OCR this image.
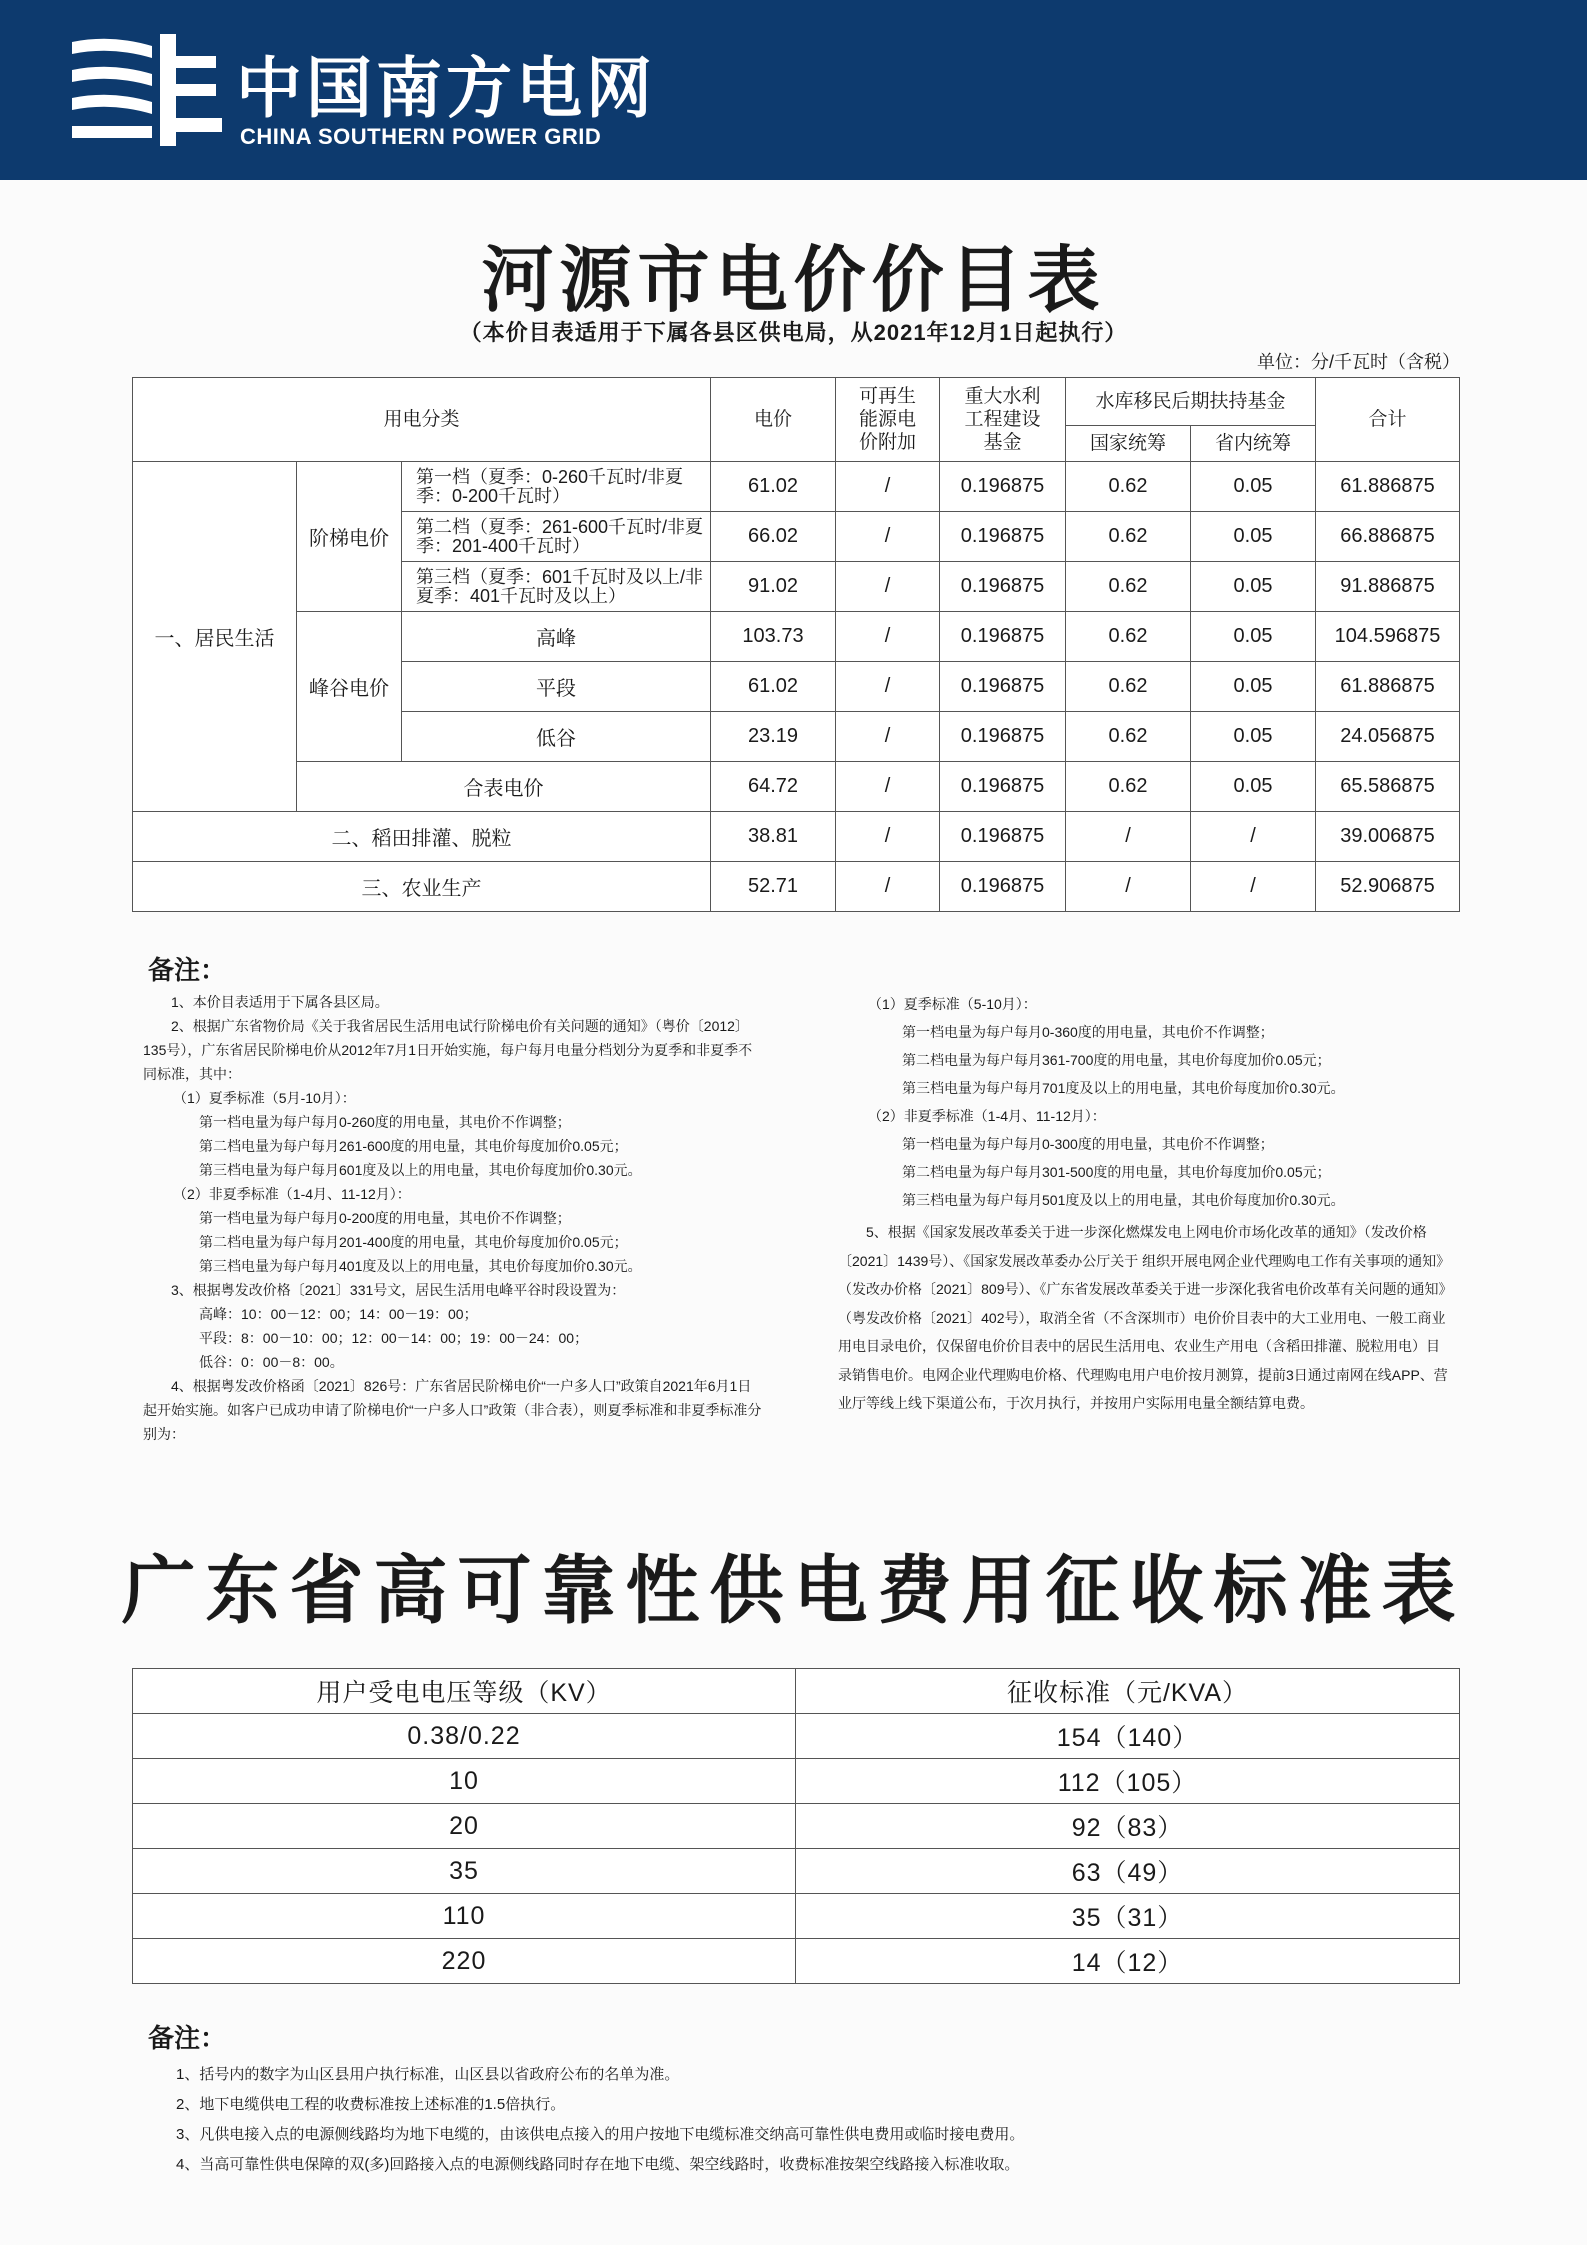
中国南方电网
CHINA SOUTHERN POWER GRID
河源市电价价目表
（本价目表适用于下属各县区供电局，从2021年12月1日起执行）
单位：分/千瓦时（含税）
用电分类			电价	可再生能源电价附加	重大水利工程建设基金	水库移民后期扶持基金		合计
						国家统筹	省内统筹	
一、居民生活	阶梯电价	第一档（夏季：0-260千瓦时/非夏季：0-200千瓦时）	61.02	/	0.196875	0.62	0.05	61.886875
		第二档（夏季：261-600千瓦时/非夏季：201-400千瓦时）	66.02	/	0.196875	0.62	0.05	66.886875
		第三档（夏季：601千瓦时及以上/非夏季：401千瓦时及以上）	91.02	/	0.196875	0.62	0.05	91.886875
	峰谷电价	高峰	103.73	/	0.196875	0.62	0.05	104.596875
		平段	61.02	/	0.196875	0.62	0.05	61.886875
		低谷	23.19	/	0.196875	0.62	0.05	24.056875
	合表电价		64.72	/	0.196875	0.62	0.05	65.586875
二、稻田排灌、脱粒			38.81	/	0.196875	/	/	39.006875
三、农业生产			52.71	/	0.196875	/	/	52.906875
备注：

1、本价目表适用于下属各县区局。

2、根据广东省物价局《关于我省居民生活用电试行阶梯电价有关问题的通知》（粤价〔2012〕135号），广东省居民阶梯电价从2012年7月1日开始实施，每户每月电量分档划分为夏季和非夏季不同标准，其中：

（1）夏季标准（5月-10月）：

第一档电量为每户每月0-260度的用电量，其电价不作调整；

第二档电量为每户每月261-600度的用电量，其电价每度加价0.05元；

第三档电量为每户每月601度及以上的用电量，其电价每度加价0.30元。

（2）非夏季标准（1-4月、11-12月）：

第一档电量为每户每月0-200度的用电量，其电价不作调整；

第二档电量为每户每月201-400度的用电量，其电价每度加价0.05元；

第三档电量为每户每月401度及以上的用电量，其电价每度加价0.30元。

3、根据粤发改价格〔2021〕331号文，居民生活用电峰平谷时段设置为：

高峰：10：00－12：00；14：00－19：00；

平段：8：00－10：00；12：00－14：00；19：00－24：00；

低谷：0：00－8：00。

4、根据粤发改价格函〔2021〕826号：广东省居民阶梯电价“一户多人口”政策自2021年6月1日起开始实施。如客户已成功申请了阶梯电价“一户多人口”政策（非合表），则夏季标准和非夏季标准分别为：

（1）夏季标准（5-10月）：

第一档电量为每户每月0-360度的用电量，其电价不作调整；

第二档电量为每户每月361-700度的用电量，其电价每度加价0.05元；

第三档电量为每户每月701度及以上的用电量，其电价每度加价0.30元。

（2）非夏季标准（1-4月、11-12月）：

第一档电量为每户每月0-300度的用电量，其电价不作调整；

第二档电量为每户每月301-500度的用电量，其电价每度加价0.05元；

第三档电量为每户每月501度及以上的用电量，其电价每度加价0.30元。

5、根据《国家发展改革委关于进一步深化燃煤发电上网电价市场化改革的通知》（发改价格〔2021〕1439号）、《国家发展改革委办公厅关于 组织开展电网企业代理购电工作有关事项的通知》（发改办价格〔2021〕809号）、《广东省发展改革委关于进一步深化我省电价改革有关问题的通知》（粤发改价格〔2021〕402号），取消全省（不含深圳市）电价价目表中的大工业用电、一般工商业用电目录电价，仅保留电价价目表中的居民生活用电、农业生产用电（含稻田排灌、脱粒用电）目录销售电价。电网企业代理购电价格、代理购电用户电价按月测算，提前3日通过南网在线APP、营业厅等线上线下渠道公布，于次月执行，并按用户实际用电量全额结算电费。

广东省高可靠性供电费用征收标准表
用户受电电压等级（KV）	征收标准（元/KVA）
0.38/0.22	154（140）
10	112（105）
20	92（83）
35	63（49）
110	35（31）
220	14（12）
备注：
1、括号内的数字为山区县用户执行标准，山区县以省政府公布的名单为准。
2、地下电缆供电工程的收费标准按上述标准的1.5倍执行。
3、凡供电接入点的电源侧线路均为地下电缆的，由该供电点接入的用户按地下电缆标准交纳高可靠性供电费用或临时接电费用。
4、当高可靠性供电保障的双(多)回路接入点的电源侧线路同时存在地下电缆、架空线路时，收费标准按架空线路接入标准收取。
